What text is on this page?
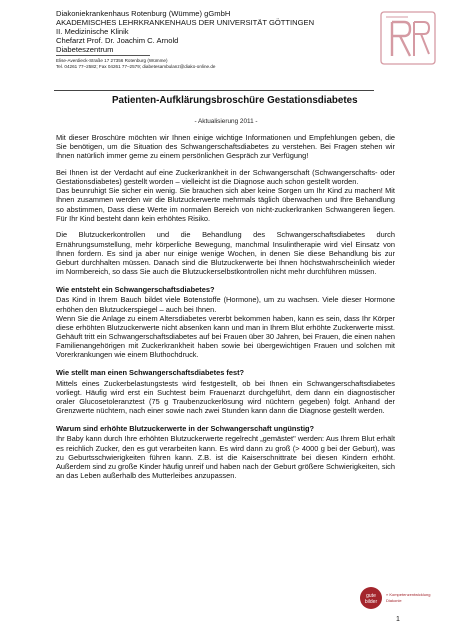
Diakoniekrankenhaus Rotenburg (Wümme) gGmbH
AKADEMISCHES LEHRKRANKENHAUS DER UNIVERSITÄT GÖTTINGEN
II. Medizinische Klinik
Chefarzt Prof. Dr. Joachim C. Arnold
Diabeteszentrum
Elise-Averdieck-Straße 17 27356 Rotenburg (Wümme)
Tel. 04261 77–2582; Fax 04261 77–2579; diabetesambulanz@diako-online.de
Patienten-Aufklärungsbroschüre Gestationsdiabetes
- Aktualisierung 2011 -

Mit dieser Broschüre möchten wir Ihnen einige wichtige Informationen und Empfehlungen geben, die Sie benötigen, um die Situation des Schwangerschaftsdiabetes zu verstehen. Bei Fragen stehen wir Ihnen natürlich immer gerne zu einem persönlichen Gespräch zur Verfügung!

Bei Ihnen ist der Verdacht auf eine Zuckerkrankheit in der Schwangerschaft (Schwangerschafts- oder Gestationsdiabetes) gestellt worden – vielleicht ist die Diagnose auch schon gestellt worden.
Das beunruhigt Sie sicher ein wenig. Sie brauchen sich aber keine Sorgen um Ihr Kind zu machen! Mit Ihnen zusammen werden wir die Blutzuckerwerte mehrmals täglich überwachen und Ihre Behandlung so abstimmen, Dass diese Werte im normalen Bereich von nicht-zuckerkranken Schwangeren liegen. Für Ihr Kind besteht dann kein erhöhtes Risiko.

Die Blutzuckerkontrollen und die Behandlung des Schwangerschaftsdiabetes durch Ernährungsumstellung, mehr körperliche Bewegung, manchmal Insulintherapie wird viel Einsatz von Ihnen fordern. Es sind ja aber nur einige wenige Wochen, in denen Sie diese Behandlung bis zur Geburt durchhalten müssen. Danach sind die Blutzuckerwerte bei Ihnen höchstwahrscheinlich wieder im Normbereich, so dass Sie auch die Blutzuckerselbstkontrollen nicht mehr durchführen müssen.

Wie entsteht ein Schwangerschaftsdiabetes?

Das Kind in Ihrem Bauch bildet viele Botenstoffe (Hormone), um zu wachsen. Viele dieser Hormone erhöhen den Blutzuckerspiegel – auch bei Ihnen.
Wenn Sie die Anlage zu einem Altersdiabetes vererbt bekommen haben, kann es sein, dass Ihr Körper diese erhöhten Blutzuckerwerte nicht absenken kann und man in Ihrem Blut erhöhte Zuckerwerte misst. Gehäuft tritt ein Schwangerschaftsdiabetes auf bei Frauen über 30 Jahren, bei Frauen, die einen nahen Familienangehörigen mit Zuckerkrankheit haben sowie bei übergewichtigen Frauen und solchen mit Vorerkrankungen wie einem Bluthochdruck.

Wie stellt man einen Schwangerschaftsdiabetes fest?

Mittels eines Zuckerbelastungstests wird festgestellt, ob bei Ihnen ein Schwangerschaftsdiabetes vorliegt. Häufig wird erst ein Suchtest beim Frauenarzt durchgeführt, dem dann ein diagnostischer oraler Glucosetoleranztest (75 g Traubenzuckerlösung wird nüchtern gegeben) folgt. Anhand der Grenzwerte nüchtern, nach einer sowie nach zwei Stunden kann dann die Diagnose gestellt werden.

Warum sind erhöhte Blutzuckerwerte in der Schwangerschaft ungünstig?

Ihr Baby kann durch Ihre erhöhten Blutzuckerwerte regelrecht „gemästet" werden: Aus Ihrem Blut erhält es reichlich Zucker, den es gut verarbeiten kann. Es wird dann zu groß (> 4000 g bei der Geburt), was zu Geburtsschwierigkeiten führen kann. Z.B. ist die Kaiserschnittrate bei diesen Kindern erhöht. Außerdem sind zu große Kinder häufig unreif und haben nach der Geburt größere Schwierigkeiten, sich an das Leben außerhalb des Mutterleibes anzupassen.

gute
bilder
» Kompetenzentwicklung
Diakonie
1
